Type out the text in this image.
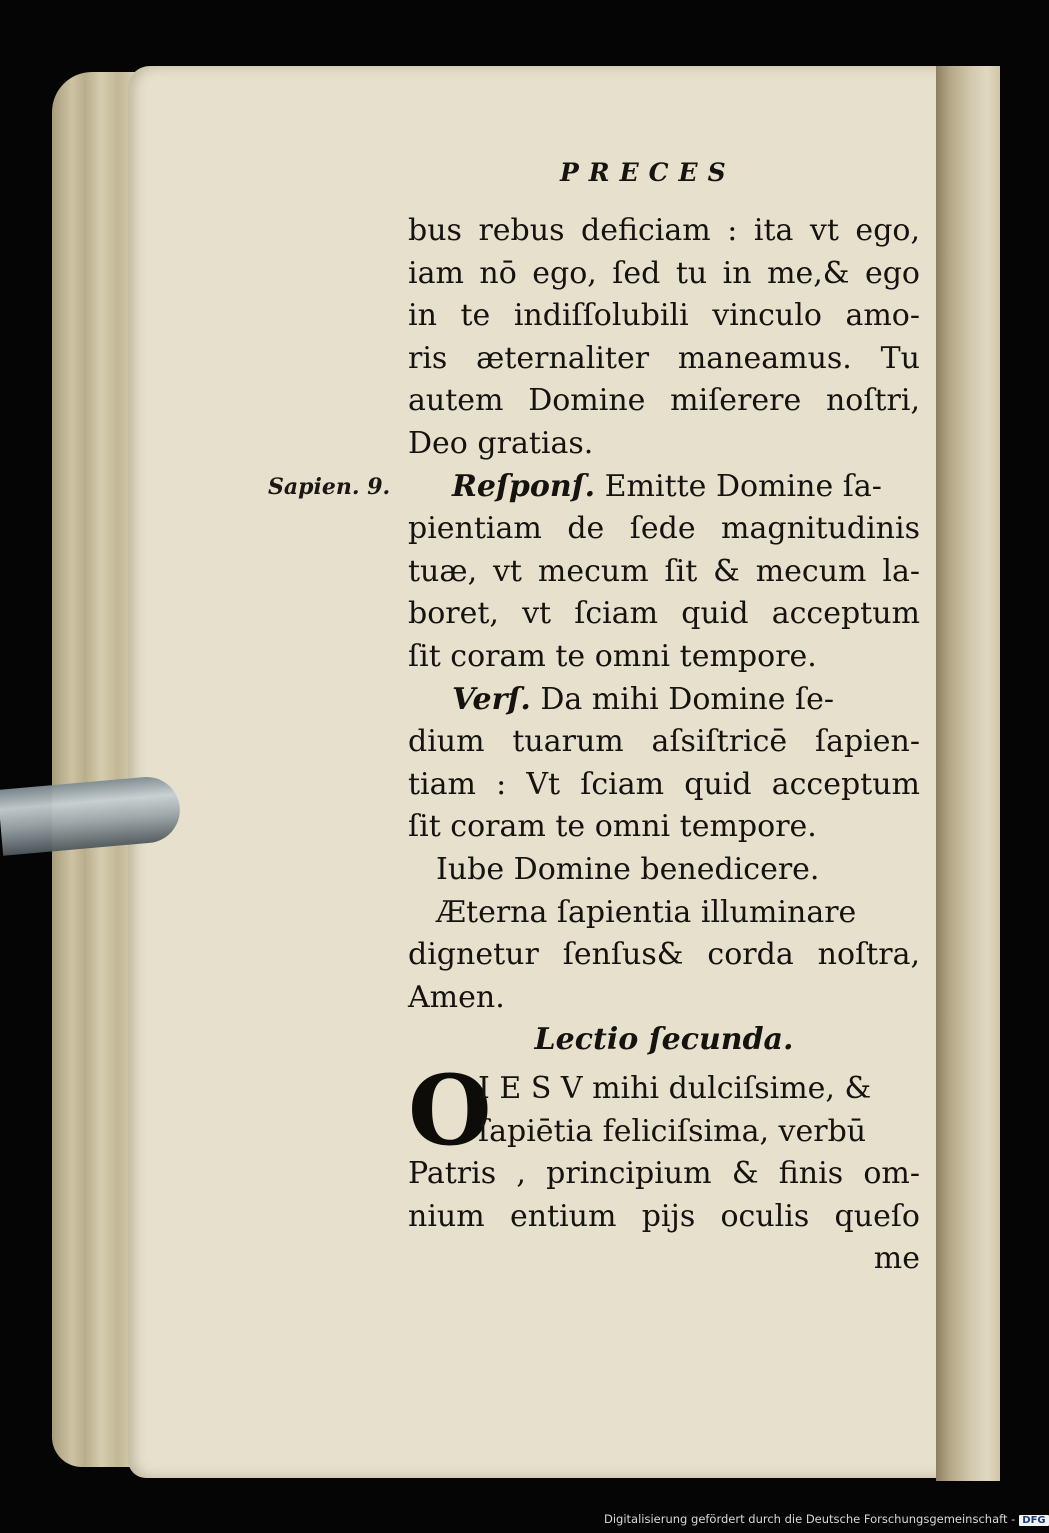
PRECES
Sapien. 9.
bus rebus deficiam : ita vt ego,
iam nō ego, ſed tu in me,& ego
in te indiſſolubili vinculo amo-
ris æternaliter maneamus. Tu
autem Domine miſerere noſtri,
Deo gratias.
Reſponſ. Emitte Domine ſa-
pientiam de ſede magnitudinis
tuæ, vt mecum ſit & mecum la-
boret, vt ſciam quid acceptum
ſit coram te omni tempore.
Verſ. Da mihi Domine ſe-
dium tuarum aſsiſtricē ſapien-
tiam : Vt ſciam quid acceptum
ſit coram te omni tempore.
Iube Domine benedicere.
Æterna ſapientia illuminare
dignetur ſenſus& corda noſtra,
Amen.
Lectio ſecunda.
O
I E S V mihi dulciſsime, &
ſapiētia feliciſsima, verbū
Patris , principium & finis om-
nium entium pijs oculis queſo
me
Digitalisierung gefördert durch die Deutsche Forschungsgemeinschaft - DFG
